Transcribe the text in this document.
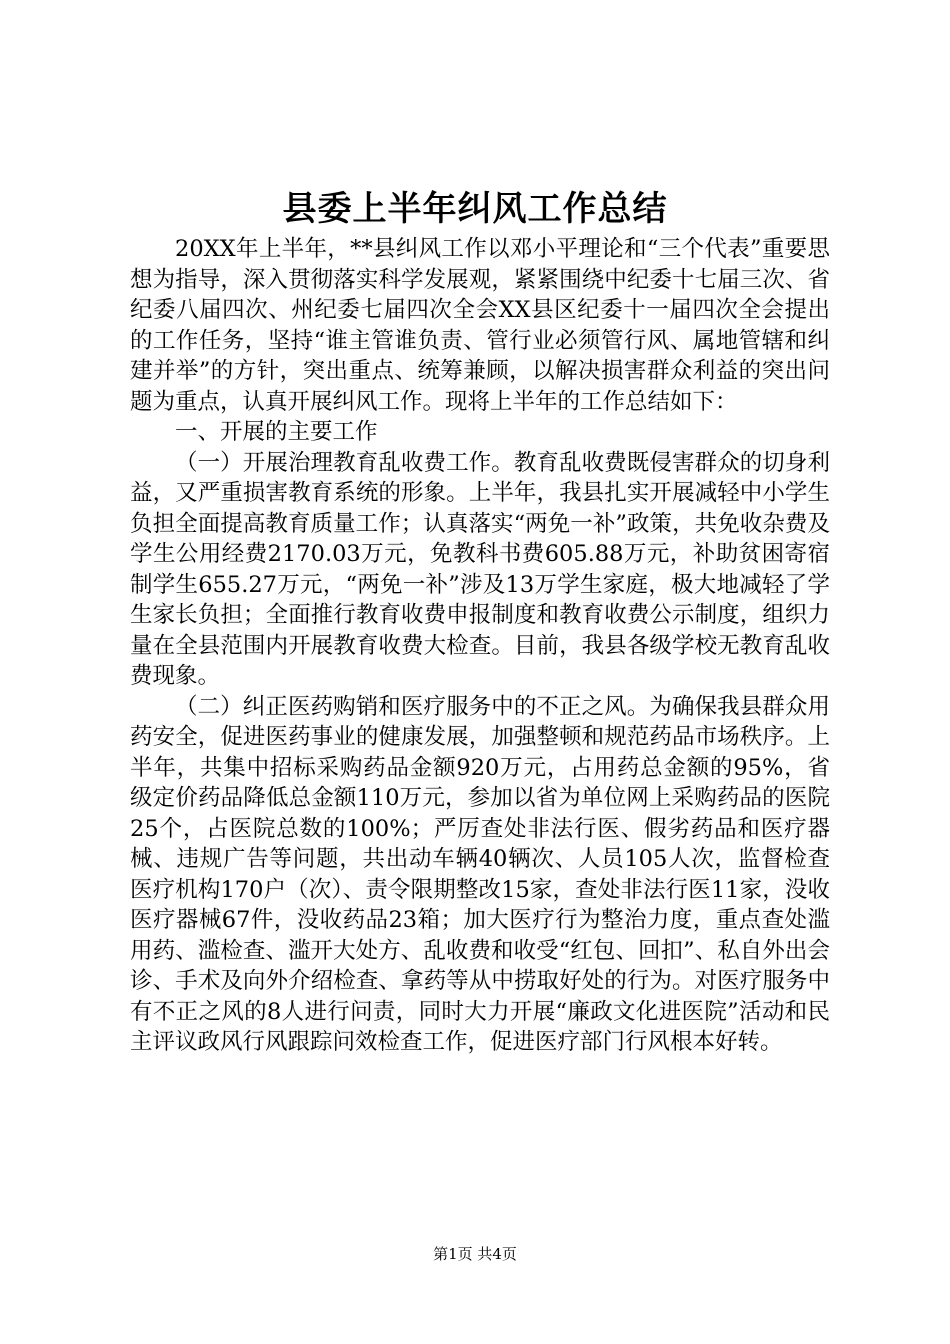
县委上半年纠风工作总结

20XX年上半年，**县纠风工作以邓小平理论和“三个代表”重要思想为指导，深入贯彻落实科学发展观，紧紧围绕中纪委十七届三次、省纪委八届四次、州纪委七届四次全会XX县区纪委十一届四次全会提出的工作任务，坚持“谁主管谁负责、管行业必须管行风、属地管辖和纠建并举”的方针，突出重点、统筹兼顾，以解决损害群众利益的突出问题为重点，认真开展纠风工作。现将上半年的工作总结如下：

一、开展的主要工作

（一）开展治理教育乱收费工作。教育乱收费既侵害群众的切身利益，又严重损害教育系统的形象。上半年，我县扎实开展减轻中小学生负担全面提高教育质量工作；认真落实“两免一补”政策，共免收杂费及学生公用经费2170.03万元，免教科书费605.88万元，补助贫困寄宿制学生655.27万元，“两免一补”涉及13万学生家庭，极大地减轻了学生家长负担；全面推行教育收费申报制度和教育收费公示制度，组织力量在全县范围内开展教育收费大检查。目前，我县各级学校无教育乱收费现象。

（二）纠正医药购销和医疗服务中的不正之风。为确保我县群众用药安全，促进医药事业的健康发展，加强整顿和规范药品市场秩序。上半年，共集中招标采购药品金额920万元，占用药总金额的95%，省级定价药品降低总金额110万元，参加以省为单位网上采购药品的医院25个，占医院总数的100%；严厉查处非法行医、假劣药品和医疗器械、违规广告等问题，共出动车辆40辆次、人员105人次，监督检查医疗机构170户（次）、责令限期整改15家，查处非法行医11家，没收医疗器械67件，没收药品23箱；加大医疗行为整治力度，重点查处滥用药、滥检查、滥开大处方、乱收费和收受“红包、回扣”、私自外出会诊、手术及向外介绍检查、拿药等从中捞取好处的行为。对医疗服务中有不正之风的8人进行问责，同时大力开展“廉政文化进医院”活动和民主评议政风行风跟踪问效检查工作，促进医疗部门行风根本好转。

第1页 共4页
